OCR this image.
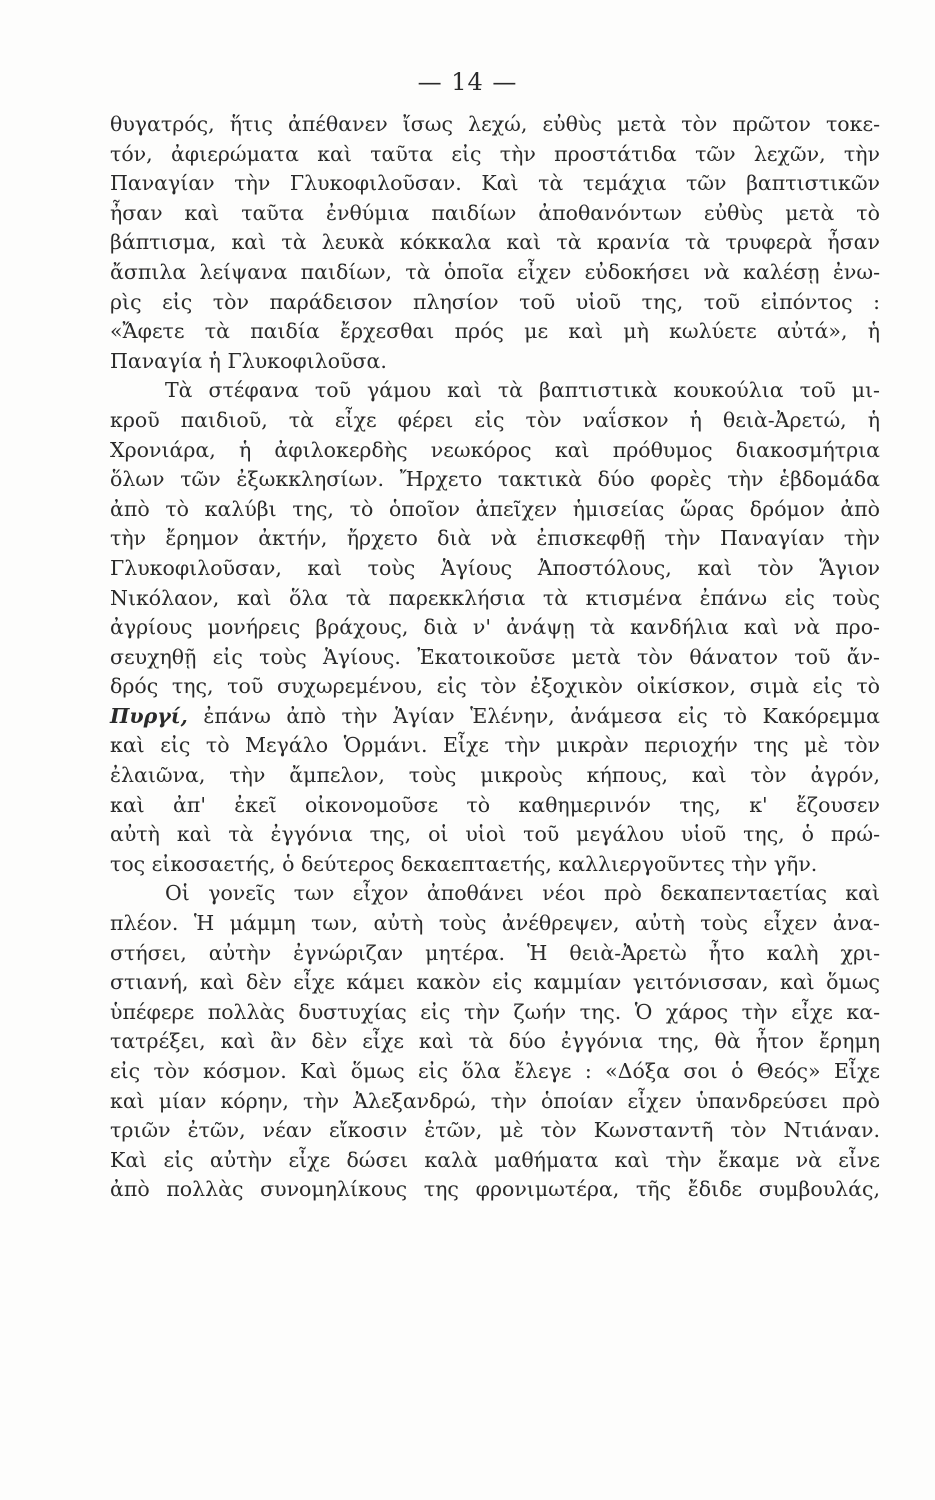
— 14 —
θυγατρός, ἥτις ἀπέθανεν ἴσως λεχώ, εὐθὺς μετὰ τὸν πρῶτον τοκε-
τόν, ἀφιερώματα καὶ ταῦτα εἰς τὴν προστάτιδα τῶν λεχῶν, τὴν
Παναγίαν τὴν Γλυκοφιλοῦσαν. Καὶ τὰ τεμάχια τῶν βαπτιστικῶν
ἦσαν καὶ ταῦτα ἐνθύμια παιδίων ἀποθανόντων εὐθὺς μετὰ τὸ
βάπτισμα, καὶ τὰ λευκὰ κόκκαλα καὶ τὰ κρανία τὰ τρυφερὰ ἦσαν
ἄσπιλα λείψανα παιδίων, τὰ ὁποῖα εἶχεν εὐδοκήσει νὰ καλέσῃ ἐνω-
ρὶς εἰς τὸν παράδεισον πλησίον τοῦ υἱοῦ της, τοῦ εἰπόντος :
«Ἄφετε τὰ παιδία ἔρχεσθαι πρός με καὶ μὴ κωλύετε αὐτά», ἡ
Παναγία ἡ Γλυκοφιλοῦσα.
Τὰ στέφανα τοῦ γάμου καὶ τὰ βαπτιστικὰ κουκούλια τοῦ μι-
κροῦ παιδιοῦ, τὰ εἶχε φέρει εἰς τὸν ναΐσκον ἡ θειὰ-Ἀρετώ, ἡ
Χρονιάρα, ἡ ἀφιλοκερδὴς νεωκόρος καὶ πρόθυμος διακοσμήτρια
ὅλων τῶν ἐξωκκλησίων. Ἤρχετο τακτικὰ δύο φορὲς τὴν ἑβδομάδα
ἀπὸ τὸ καλύβι της, τὸ ὁποῖον ἀπεῖχεν ἡμισείας ὥρας δρόμον ἀπὸ
τὴν ἔρημον ἀκτήν, ἤρχετο διὰ νὰ ἐπισκεφθῇ τὴν Παναγίαν τὴν
Γλυκοφιλοῦσαν, καὶ τοὺς Ἁγίους Ἀποστόλους, καὶ τὸν Ἅγιον
Νικόλαον, καὶ ὅλα τὰ παρεκκλήσια τὰ κτισμένα ἐπάνω εἰς τοὺς
ἀγρίους μονήρεις βράχους, διὰ ν' ἀνάψῃ τὰ κανδήλια καὶ νὰ προ-
σευχηθῇ εἰς τοὺς Ἁγίους. Ἐκατοικοῦσε μετὰ τὸν θάνατον τοῦ ἄν-
δρός της, τοῦ συχωρεμένου, εἰς τὸν ἐξοχικὸν οἰκίσκον, σιμὰ εἰς τὸ
Πυργί, ἐπάνω ἀπὸ τὴν Ἁγίαν Ἑλένην, ἀνάμεσα εἰς τὸ Κακόρεμμα
καὶ εἰς τὸ Μεγάλο Ὁρμάνι. Εἶχε τὴν μικρὰν περιοχήν της μὲ τὸν
ἐλαιῶνα, τὴν ἄμπελον, τοὺς μικροὺς κήπους, καὶ τὸν ἀγρόν,
καὶ ἀπ' ἐκεῖ οἰκονομοῦσε τὸ καθημερινόν της, κ' ἔζουσεν
αὐτὴ καὶ τὰ ἐγγόνια της, οἱ υἱοὶ τοῦ μεγάλου υἱοῦ της, ὁ πρώ-
τος εἰκοσαετής, ὁ δεύτερος δεκαεπταετής, καλλιεργοῦντες τὴν γῆν.
Οἱ γονεῖς των εἶχον ἀποθάνει νέοι πρὸ δεκαπενταετίας καὶ
πλέον. Ἡ μάμμη των, αὐτὴ τοὺς ἀνέθρεψεν, αὐτὴ τοὺς εἶχεν ἀνα-
στήσει, αὐτὴν ἐγνώριζαν μητέρα. Ἡ θειὰ-Ἀρετὼ ἦτο καλὴ χρι-
στιανή, καὶ δὲν εἶχε κάμει κακὸν εἰς καμμίαν γειτόνισσαν, καὶ ὅμως
ὑπέφερε πολλὰς δυστυχίας εἰς τὴν ζωήν της. Ὁ χάρος τὴν εἶχε κα-
τατρέξει, καὶ ἂν δὲν εἶχε καὶ τὰ δύο ἐγγόνια της, θὰ ἦτον ἔρημη
εἰς τὸν κόσμον. Καὶ ὅμως εἰς ὅλα ἔλεγε : «Δόξα σοι ὁ Θεός» Εἶχε
καὶ μίαν κόρην, τὴν Ἀλεξανδρώ, τὴν ὁποίαν εἶχεν ὑπανδρεύσει πρὸ
τριῶν ἐτῶν, νέαν εἴκοσιν ἐτῶν, μὲ τὸν Κωνσταντῆ τὸν Ντιάναν.
Καὶ εἰς αὐτὴν εἶχε δώσει καλὰ μαθήματα καὶ τὴν ἔκαμε νὰ εἶνε
ἀπὸ πολλὰς συνομηλίκους της φρονιμωτέρα, τῆς ἔδιδε συμβουλάς,
